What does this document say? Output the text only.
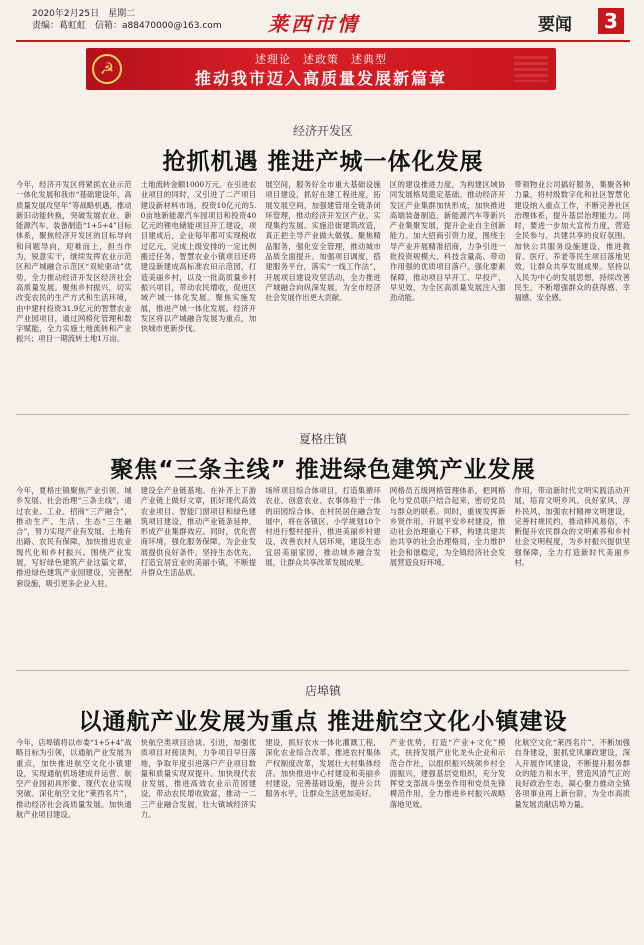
2020年2月25日　星期二
责编：葛虹虹　信箱：a88470000@163.com 莱西市情	要闻	3
☭
述理论　述政策　述典型
推动我市迈入高质量发展新篇章
经济开发区
抢抓机遇 推进产城一体化发展
今年，经济开发区将紧抓农业示范一体化发展和我市“基础建设年、高质量发展攻坚年”等战略机遇，推动新旧动能转换，突破发展农业、新能源汽车、装备制造“1+5+4”目标体系，聚焦经济开发区的目标导向和问题导向，迎难而上，担当作为，锐意实干，继续发挥农业示范区和产城融合示范区“双轮驱动”优势，全力推动经济开发区经济社会高质量发展。聚焦乡村振兴，切实改变农民的生产方式和生活环境，由中建村投资31.9亿元的智慧农业产业园项目，通过网格化管理和数字赋能，全力实施土地流转和产业振兴；项目一期流转土地1万亩。
土地流转金额1000万元。在引进农业项目的同时，又引进了二产项目建设新材料市场，投资10亿元的5.0亩地新能源汽车园项目和投资40亿元的锂电储能项目开工建设，项目建成后，企业每年都可实现税收过亿元，完成上级安排的一定比例搬迁任务。智慧农业小镇项目还将建设新建成高标准农田示范园，打造美丽乡村，以及一批高质量乡村振兴项目，带动农民增收，促进区域产城一体化发展。聚焦实施发展，推进产城一体化发展。经济开发区将以产城融合发展为重点，加快城市更新步伐。
展空间，服务好全市重大基础设施项目建设，抓好在建工程进度，拓展发展空间，加强建管用全链条闭环管理，推动经济开发区产业、实现集约发展。实施沿街建筑改造，真正把主导产业做大做强。聚焦精品服务，强化安全管理，推动城市品质全面提升。加强项目调度，搭建服务平台，落实“一线工作法”，开展项目建设攻坚活动，全力推进产城融合向纵深发展，为全市经济社会发展作出更大贡献。
区的建设推进力度，为构建区域协同发展格局奠定基础。推动经济开发区产业集群加快形成，加快推进高端装备制造、新能源汽车等新兴产业集聚发展，提升企业自主创新能力。加大招商引资力度，围绕主导产业开展精准招商，力争引进一批投资规模大、科技含量高、带动作用强的优质项目落户。强化要素保障，推动项目早开工、早投产、早见效，为全区高质量发展注入强劲动能。
带领物业公司搞好服务，集聚各种力量，将村级数字化和社区智慧化建设纳入重点工作，不断完善社区治理体系，提升基层治理能力。同时，要进一步加大宣传力度，营造全民参与、共建共享的良好氛围。加快公共服务设施建设，推进教育、医疗、养老等民生项目落地见效，让群众共享发展成果。坚持以人民为中心的发展思想，持续改善民生，不断增强群众的获得感、幸福感、安全感。
夏格庄镇
聚焦“三条主线” 推进绿色建筑产业发展
今年，夏格庄镇聚焦产业引领、城乡发展、社会治理“三条主线”，通过农业、工业、招商“三产融合”，推动生产、生活、生态“三生融合”，努力实现产业有发展、土地有出路、农民有保障，加快推进农业现代化和乡村振兴。围绕产业发展，写好绿色建筑产业这篇文章，推进绿色建筑产业园建设，完善配套设施，吸引更多企业入驻。
建设全产业链基地。在补齐上下游产业链上做好文章，抓好现代高效农业项目、智能门窗项目和绿色建筑项目建设，推动产业链条延伸，形成产业集群效应。同时，优化营商环境，强化服务保障，为企业发展提供良好条件。坚持生态优先，打造宜居宜业的美丽小镇，不断提升群众生活品质。
场所项目综合体项目，打造集循环农业、创意农业、农事体验于一体的田园综合体。在村民居住融合发展中，将在各镇区、小学规划10个村进行整村提升，推进美丽乡村建设，改善农村人居环境，建设生态宜居美丽家园，推动城乡融合发展，让群众共享改革发展成果。
网格员五级网格管理体系，把网格化与党员联户结合起来，密切党员与群众的联系。同时，重视发挥新乡贤作用，开展平安乡村建设，推动社会治理重心下移，构建共建共治共享的社会治理格局，全力维护社会和谐稳定，为全镇经济社会发展营造良好环境。
作用，带动新时代文明实践活动开展，培育文明乡风、良好家风、淳朴民风。加强农村精神文明建设，完善村规民约，推动移风易俗，不断提升农民群众的文明素养和乡村社会文明程度，为乡村振兴提供坚强保障，全力打造新时代美丽乡村。
店埠镇
以通航产业发展为重点 推进航空文化小镇建设
今年，店埠镇将以市委“1+5+4”战略目标为引领，以通航产业发展为重点，加快推进航空文化小镇建设，实现通航机场建成并运营、航空产业园初具形象、现代农业实现突破、深化航空文化“莱西名片”，推动经济社会高质量发展。加快通航产业项目建设。
快航空类项目洽谈、引进，加强优质项目对接谈判，力争项目早日落地，争取年度引进落户产业项目数量和质量实现双提升。加快现代农业发展，推进高效农业示范园建设，带动农民增收致富，推动一二三产业融合发展，壮大镇域经济实力。
建设，抓好农水一体化灌溉工程，深化农业综合改革，推进农村集体产权制度改革，发展壮大村集体经济。加快推进中心村建设和美丽乡村建设，完善基础设施，提升公共服务水平，让群众生活更加美好。
产业优势，打造“产业+文化”模式，扶持发展产业化龙头企业和示范合作社，以组织振兴统领乡村全面振兴，建强基层党组织，充分发挥党支部战斗堡垒作用和党员先锋模范作用，全力推进乡村振兴战略落地见效。
化航空文化“莱西名片”。不断加强自身建设，狠抓党风廉政建设，深入开展作风建设，不断提升服务群众的能力和水平，营造风清气正的良好政治生态，凝心聚力推动全镇各项事业再上新台阶，为全市高质量发展贡献店埠力量。
